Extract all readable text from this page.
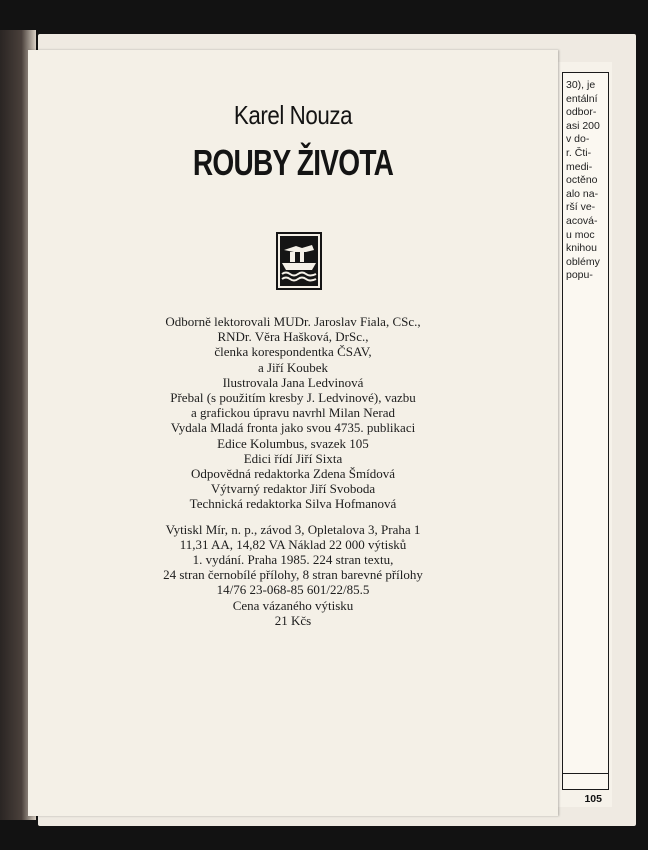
30), je
entální
odbor-
asi 200
v do-
r. Čti-
medi-
octěno
alo na-
rší ve-
acová-
u moc
knihou
oblémy
popu-
105
Karel Nouza
ROUBY ŽIVOTA
Odborně lektorovali MUDr. Jaroslav Fiala, CSc.,
RNDr. Věra Hašková, DrSc.,
členka korespondentka ČSAV,
a Jiří Koubek
Ilustrovala Jana Ledvinová
Přebal (s použitím kresby J. Ledvinové), vazbu
a grafickou úpravu navrhl Milan Nerad
Vydala Mladá fronta jako svou 4735. publikaci
Edice Kolumbus, svazek 105
Edici řídí Jiří Sixta
Odpovědná redaktorka Zdena Šmídová
Výtvarný redaktor Jiří Svoboda
Technická redaktorka Silva Hofmanová
Vytiskl Mír, n. p., závod 3, Opletalova 3, Praha 1
11,31 AA, 14,82 VA Náklad 22 000 výtisků
1. vydání. Praha 1985. 224 stran textu,
24 stran černobílé přílohy, 8 stran barevné přílohy
14/76 23-068-85 601/22/85.5
Cena vázaného výtisku
21 Kčs
